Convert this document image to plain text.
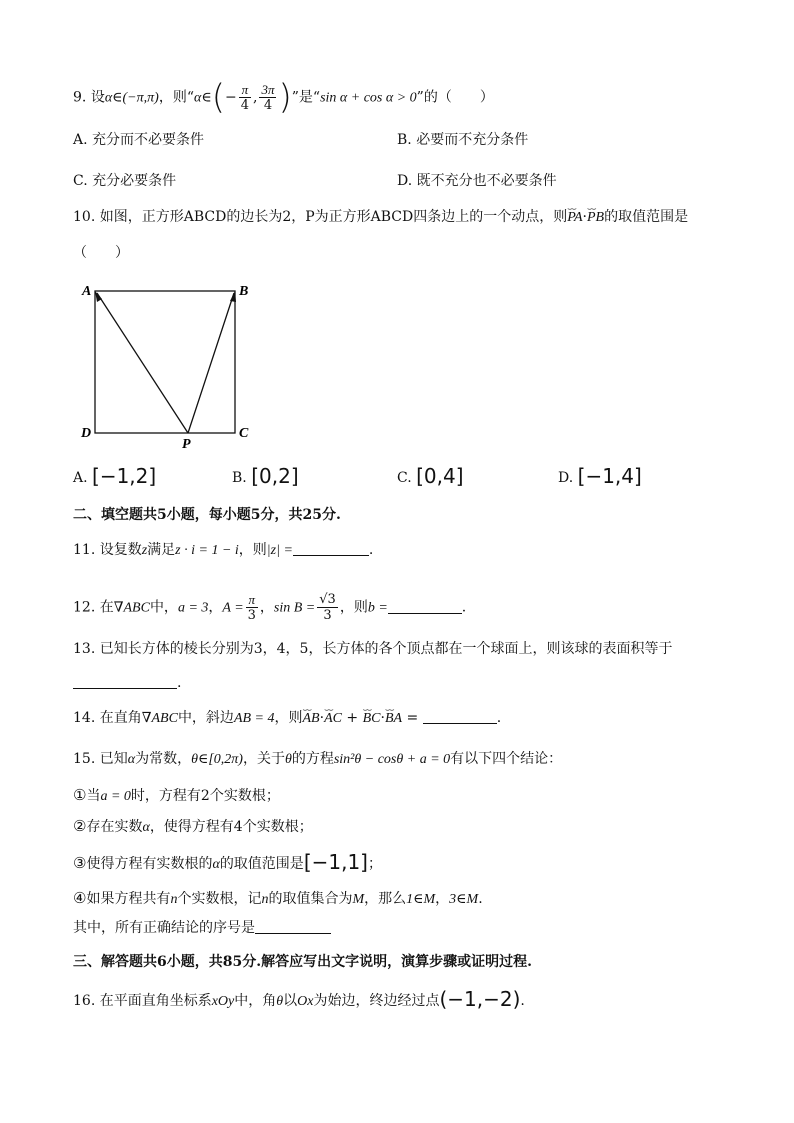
9. 设α∈(−π,π)，则“α∈(− $\frac{\pi}{4}$ , $\frac{3\pi}{4}$ )”是“sin α + cos α > 0”的（　　）
A. 充分而不必要条件	B. 必要而不充分条件
C. 充分必要条件	D. 既不充分也不必要条件
10. 如图，正方形ABCD的边长为2，P为正方形ABCD四条边上的一个动点，则⌣⌣ PA·⌣⌣ PB的取值范围是
（　　）
A	B
C
D
P
A. [−1,2]	B. [0,2]	C. [0,4]	D. [−1,4]
二、填空题共5小题，每小题5分，共25分.
11. 设复数z满足z · i = 1 − i，则|z| =	.
12. 在∇ABC中，a = 3，$A = \frac{\pi}{3}$ ，$\sin B = \frac{√3}{3}$ ，则b =	.
13. 已知长方体的棱长分别为3，4，5，长方体的各个顶点都在一个球面上，则该球的表面积等于
.
14. 在直角∇ABC中，斜边AB = 4，则⌣⌣ AB·⌣⌣ AC + ⌣⌣ BC·⌣⌣ BA =	.
15. 已知α为常数，θ∈[0,2π)，关于θ的方程sin²θ − cosθ + a = 0有以下四个结论：
①当a = 0时，方程有2个实数根；
②存在实数α，使得方程有4个实数根；
③使得方程有实数根的α的取值范围是[−1,1]；
④如果方程共有n个实数根，记n的取值集合为M，那么1∈M，3∈M.
其中，所有正确结论的序号是
三、解答题共6小题，共85分.解答应写出文字说明，演算步骤或证明过程.
16. 在平面直角坐标系xOy中，角θ以Ox为始边，终边经过点(−1,−2).
